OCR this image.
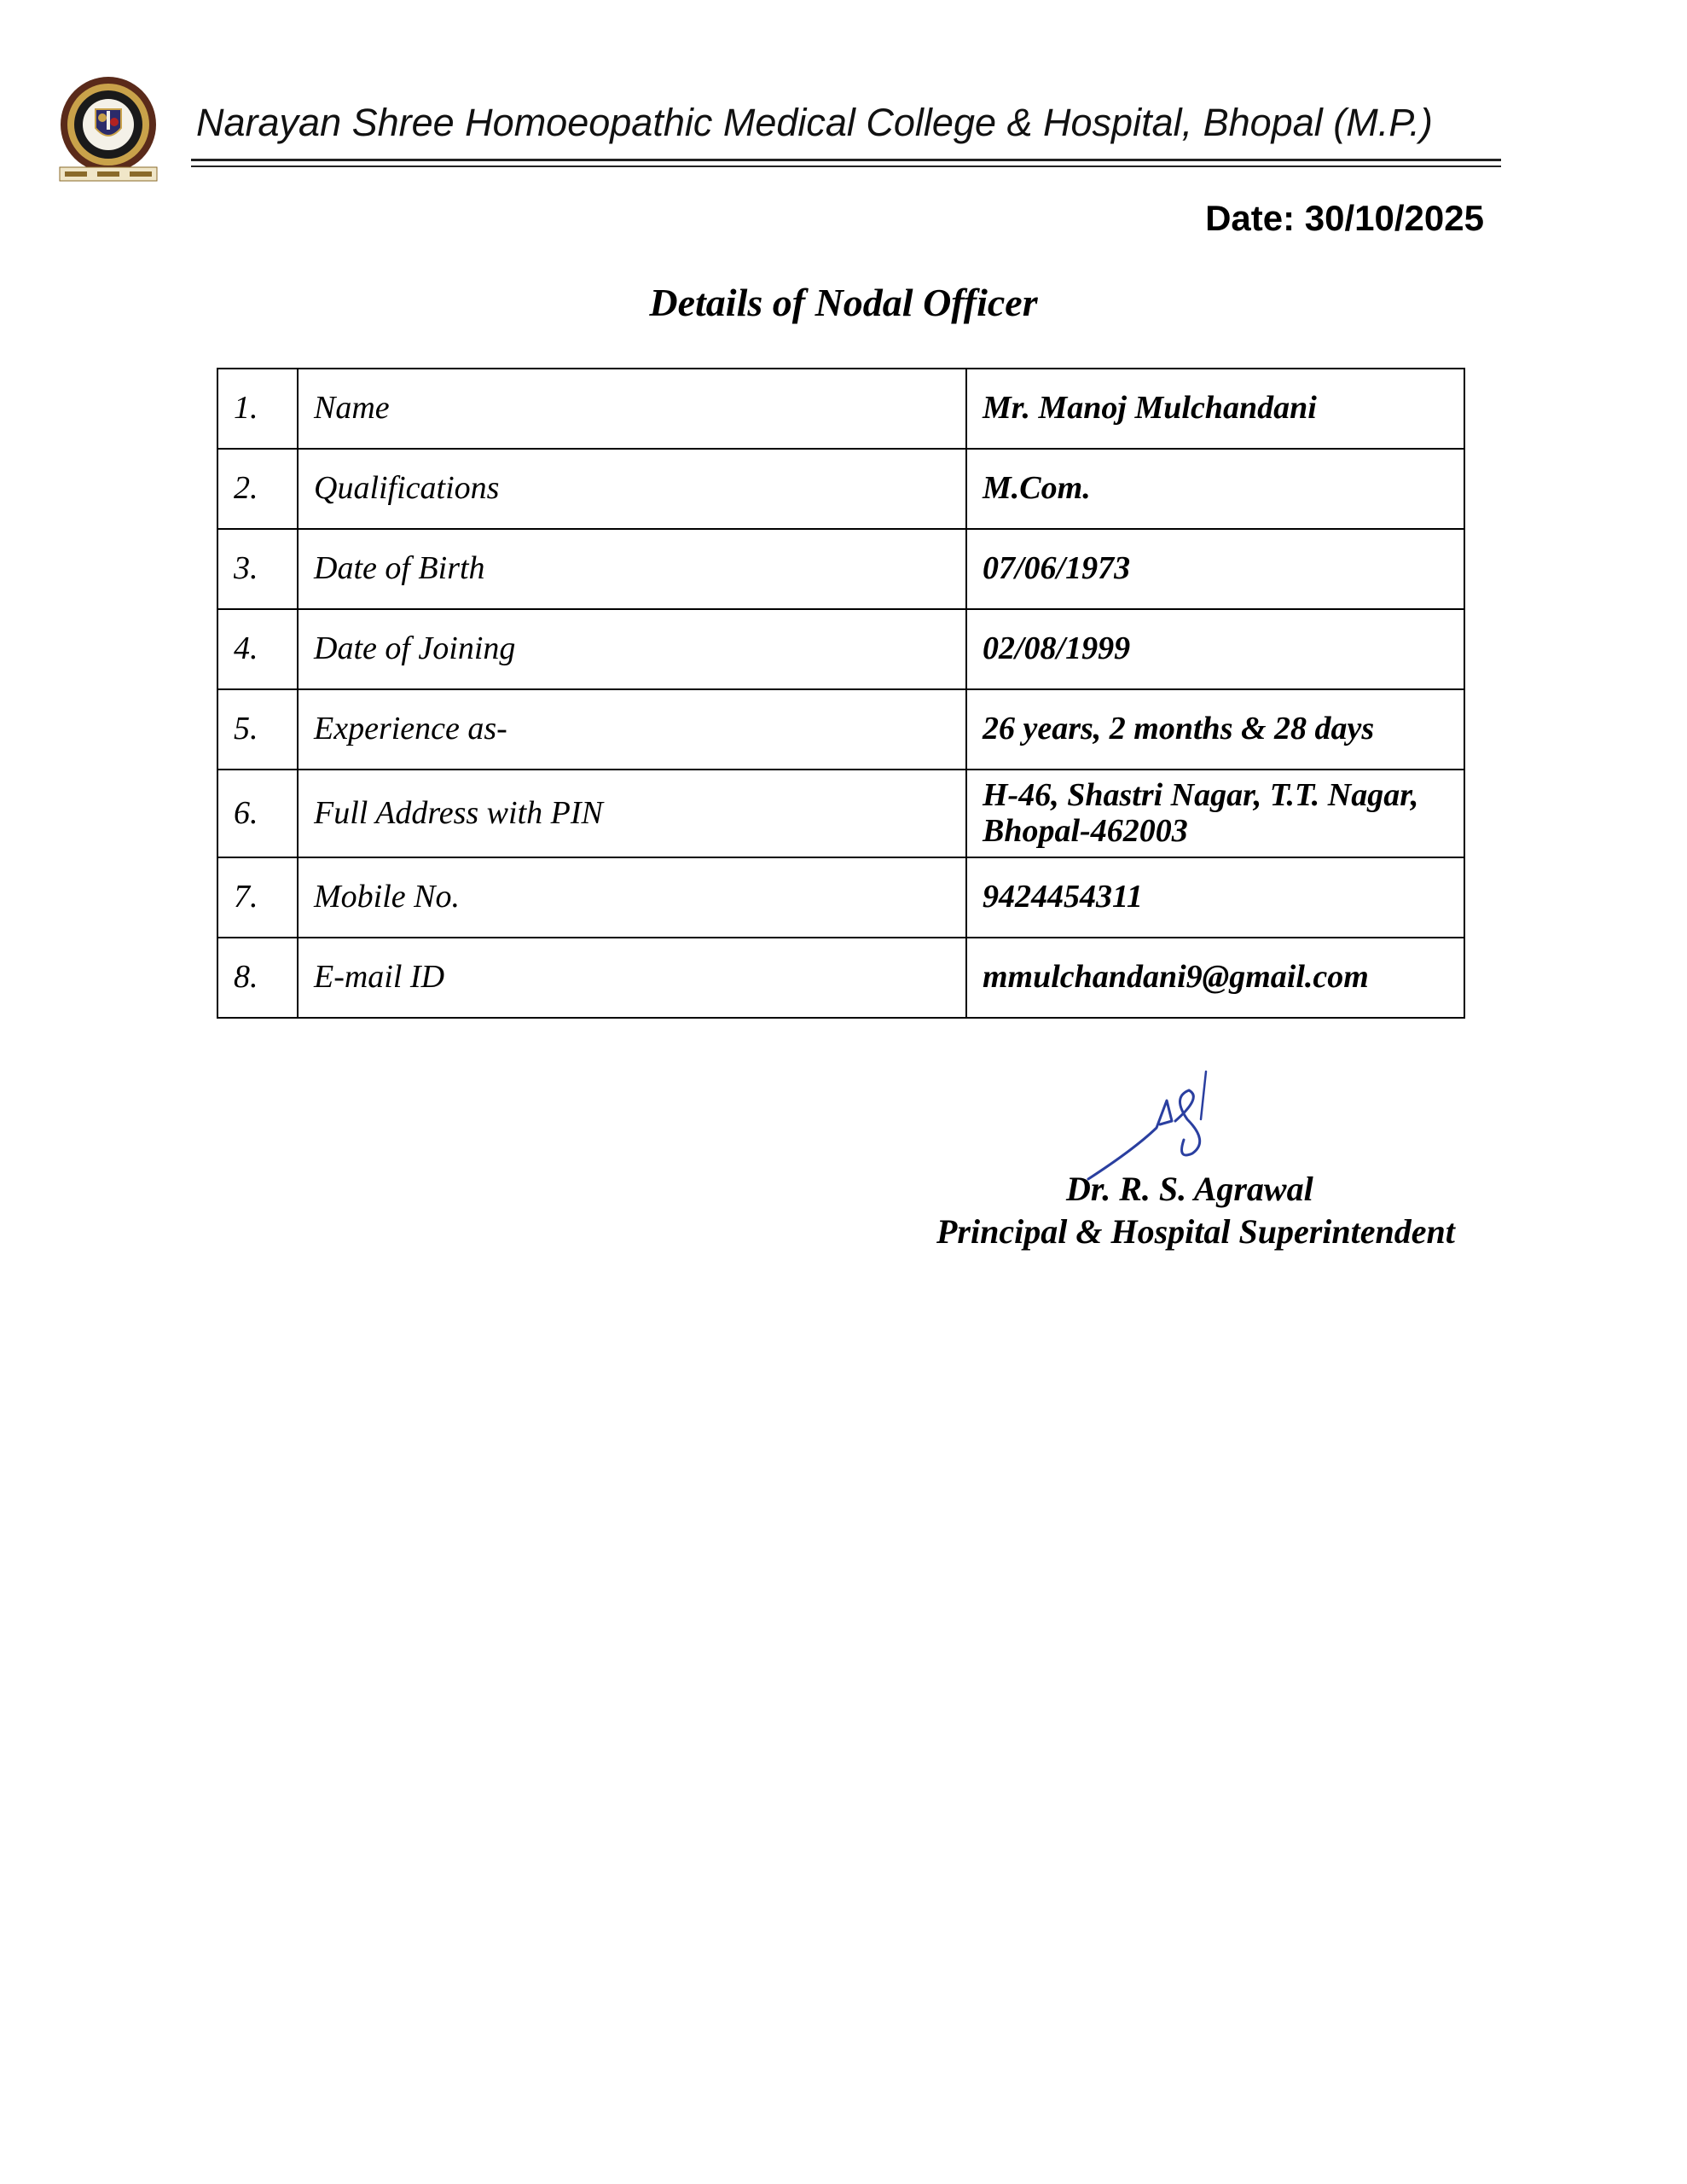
Narayan Shree Homoeopathic Medical College & Hospital, Bhopal (M.P.)
Date: 30/10/2025
Details of Nodal Officer
1.	Name	Mr. Manoj Mulchandani
2.	Qualifications	M.Com.
3.	Date of Birth	07/06/1973
4.	Date of Joining	02/08/1999
5.	Experience as-	26 years, 2 months & 28 days
6.	Full Address with PIN	H-46, Shastri Nagar, T.T. Nagar, Bhopal-462003
7.	Mobile No.	9424454311
8.	E-mail ID	mmulchandani9@gmail.com
Dr. R. S. Agrawal
Principal & Hospital Superintendent
